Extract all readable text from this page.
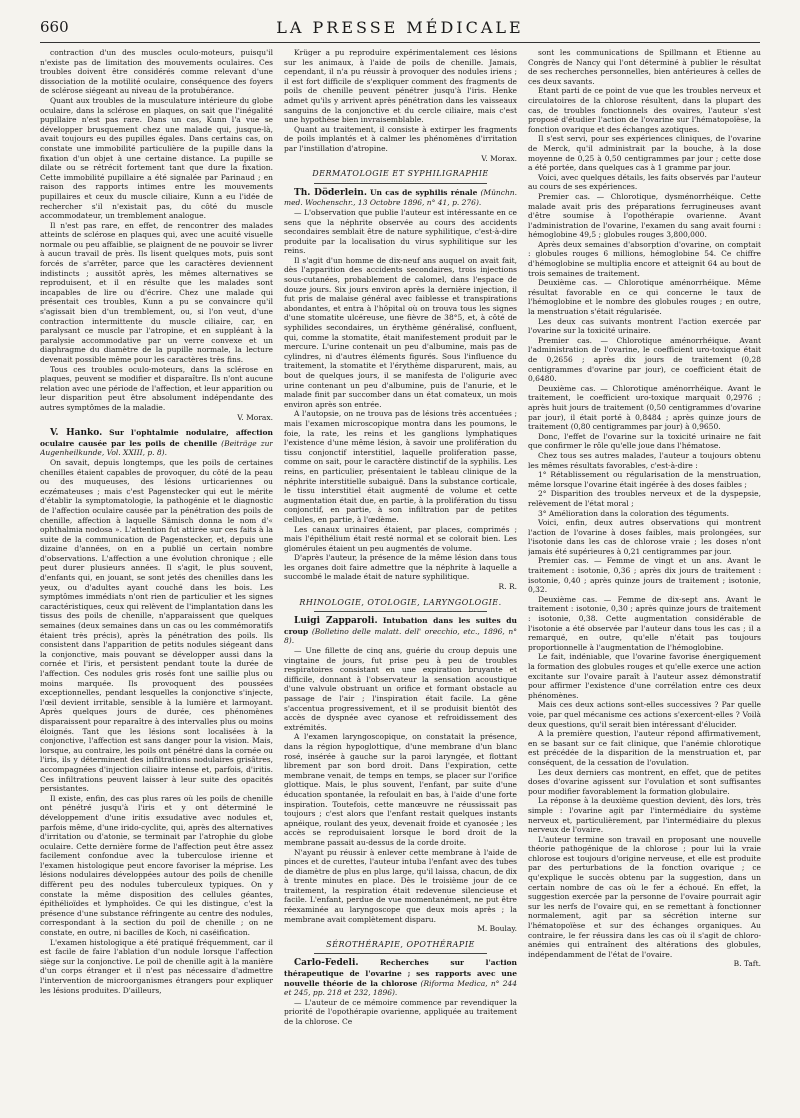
660	LA PRESSE MÉDICALE

contraction d'un des muscles oculo-moteurs, puisqu'il n'existe pas de limitation des mouvements oculaires. Ces troubles doivent être considérés comme relevant d'une dissociation de la motilité oculaire, conséquence des foyers de sclérose siégeant au niveau de la protubérance.

Quant aux troubles de la musculature intérieure du globe oculaire, dans la sclérose en plaques, on sait que l'inégalité pupillaire n'est pas rare. Dans un cas, Kunn l'a vue se développer brusquement chez une malade qui, jusque-là, avait toujours eu des pupilles égales. Dans certains cas, on constate une immobilité particulière de la pupille dans la fixation d'un objet à une certaine distance. La pupille se dilate ou se rétrécit fortement tant que dure la fixation. Cette immobilité pupillaire a été signalée par Parinaud ; en raison des rapports intimes entre les mouvements pupillaires et ceux du muscle ciliaire, Kunn a eu l'idée de rechercher s'il n'existait pas, du côté du muscle accommodateur, un tremblement analogue.

Il n'est pas rare, en effet, de rencontrer des malades atteints de sclérose en plaques qui, avec une acuité visuelle normale ou peu affaiblie, se plaignent de ne pouvoir se livrer à aucun travail de près. Ils lisent quelques mots, puis sont forcés de s'arrêter, parce que les caractères deviennent indistincts ; aussitôt après, les mêmes alternatives se reproduisent, et il en résulte que les malades sont incapables de lire ou d'écrire. Chez une malade qui présentait ces troubles, Kunn a pu se convaincre qu'il s'agissait bien d'un tremblement, ou, si l'on veut, d'une contraction intermittente du muscle ciliaire, car, en paralysant ce muscle par l'atropine, et en suppléant à la paralysie accommodative par un verre convexe et un diaphragme du diamètre de la pupille normale, la lecture devenait possible même pour les caractères très fins.

Tous ces troubles oculo-moteurs, dans la sclérose en plaques, peuvent se modifier et disparaître. Ils n'ont aucune relation avec une période de l'affection, et leur apparition ou leur disparition peut être absolument indépendante des autres symptômes de la maladie.

V. Morax.

V. Hanko. Sur l'ophtalmie nodulaire, affection oculaire causée par les poils de chenille (Beiträge zur Augenheilkunde, Vol. XXIII, p. 8).

On savait, depuis longtemps, que les poils de certaines chenilles étaient capables de provoquer, du côté de la peau ou des muqueuses, des lésions urticariennes ou eczémateuses ; mais c'est Pagenstecker qui eut le mérite d'établir la symptomatologie, la pathogénie et le diagnostic de l'affection oculaire causée par la pénétration des poils de chenille, affection à laquelle Sämisch donna le nom d'« ophthalmia nodosa ». L'attention fut attirée sur ces faits à la suite de la communication de Pagenstecker, et, depuis une dizaine d'années, on en a publié un certain nombre d'observations. L'affection a une évolution chronique ; elle peut durer plusieurs années. Il s'agit, le plus souvent, d'enfants qui, en jouant, se sont jetés des chenilles dans les yeux, ou d'adultes ayant couché dans les bois. Les symptômes immédiats n'ont rien de particulier et les signes caractéristiques, ceux qui relèvent de l'implantation dans les tissus des poils de chenille, n'apparaissent que quelques semaines (deux semaines dans un cas ou les commémoratifs étaient très précis), après la pénétration des poils. Ils consistent dans l'apparition de petits nodules siégeant dans la conjonctive, mais pouvant se développer aussi dans la cornée et l'iris, et persistent pendant toute la durée de l'affection. Ces nodules gris rosés font une saillie plus ou moins marquée. Ils provoquent des poussées exceptionnelles, pendant lesquelles la conjonctive s'injecte, l'œil devient irritable, sensible à la lumière et larmoyant. Après quelques jours de durée, ces phénomènes disparaissent pour reparaître à des intervalles plus ou moins éloignés. Tant que les lésions sont localisées à la conjonctive, l'affection est sans danger pour la vision. Mais, lorsque, au contraire, les poils ont pénétré dans la cornée ou l'iris, ils y déterminent des infiltrations nodulaires grisâtres, accompagnées d'injection ciliaire intense et, parfois, d'iritis. Ces infiltrations peuvent laisser à leur suite des opacités persistantes.

Il existe, enfin, des cas plus rares où les poils de chenille ont pénétré jusqu'à l'iris et y ont déterminé le développement d'une iritis exsudative avec nodules et, parfois même, d'une irido-cyclite, qui, après des alternatives d'irritation ou d'atonie, se terminait par l'atrophie du globe oculaire. Cette dernière forme de l'affection peut être assez facilement confondue avec la tuberculose irienne et l'examen histologique peut encore favoriser la méprise. Les lésions nodulaires développées autour des poils de chenille diffèrent peu des nodules tuberculeux typiques. On y constate la même disposition des cellules géantes, épithélioïdes et lymphoïdes. Ce qui les distingue, c'est la présence d'une substance réfringente au centre des nodules, correspondant à la section du poil de chenille ; on ne constate, en outre, ni bacilles de Koch, ni caséification.

L'examen histologique a été pratiqué fréquemment, car il est facile de faire l'ablation d'un nodule lorsque l'affection siège sur la conjonctive. Le poil de chenille agit à la manière d'un corps étranger et il n'est pas nécessaire d'admettre l'intervention de microorganismes étrangers pour expliquer les lésions produites. D'ailleurs,

Krüger a pu reproduire expérimentalement ces lésions sur les animaux, à l'aide de poils de chenille. Jamais, cependant, il n'a pu réussir à provoquer des nodules iriens ; il est fort difficile de s'expliquer comment des fragments de poils de chenille peuvent pénétrer jusqu'à l'iris. Henke admet qu'ils y arrivent après pénétration dans les vaisseaux sanguins de la conjonctive et du cercle ciliaire, mais c'est une hypothèse bien invraisemblable.

Quant au traitement, il consiste à extirper les fragments de poils implantés et à calmer les phénomènes d'irritation par l'instillation d'atropine.

V. Morax.
DERMATOLOGIE ET SYPHILIGRAPHIE

Th. Döderlein. Un cas de syphilis rénale (Münchn. med. Wochenschr., 13 Octobre 1896, n° 41, p. 276).

— L'observation que publie l'auteur est intéressante en ce sens que la néphrite observée au cours des accidents secondaires semblait être de nature syphilitique, c'est-à-dire produite par la localisation du virus syphilitique sur les reins.

Il s'agit d'un homme de dix-neuf ans auquel on avait fait, dès l'apparition des accidents secondaires, trois injections sous-cutanées, probablement de calomel, dans l'espace de douze jours. Six jours environ après la dernière injection, il fut pris de malaise général avec faiblesse et transpirations abondantes, et entra à l'hôpital où on trouva tous les signes d'une stomatite ulcéreuse, une fièvre de 38°5, et, à côté de syphilides secondaires, un érythème généralisé, confluent, qui, comme la stomatite, était manifestement produit par le mercure. L'urine contenait un peu d'albumine, mais pas de cylindres, ni d'autres éléments figurés. Sous l'influence du traitement, la stomatite et l'érythème disparurent, mais, au bout de quelques jours, il se manifesta de l'oligurie avec urine contenant un peu d'albumine, puis de l'anurie, et le malade finit par succomber dans un état comateux, un mois environ après son entrée.

A l'autopsie, on ne trouva pas de lésions très accentuées ; mais l'examen microscopique montra dans les poumons, le foie, la rate, les reins et les ganglions lymphatiques l'existence d'une même lésion, à savoir une prolifération du tissu conjonctif interstitiel, laquelle proliferation passe, comme on sait, pour le caractère distinctif de la syphilis. Les reins, en particulier, présentaient le tableau clinique de la néphrite interstitielle subaiguë. Dans la substance corticale, le tissu interstitiel était augmenté de volume et cette augmentation était due, en partie, à la prolifération du tissu conjonctif, en partie, à son infiltration par de petites cellules, en partie, à l'œdème.

Les canaux urinaires étaient, par places, comprimés ; mais l'épithélium était resté normal et se colorait bien. Les glomérules étaient un peu augmentés de volume.

D'après l'auteur, la présence de la même lésion dans tous les organes doit faire admettre que la néphrite à laquelle a succombé le malade était de nature syphilitique.

R. R.
RHINOLOGIE, OTOLOGIE, LARYNGOLOGIE.

Luigi Zapparoli. Intubation dans les suites du croup (Bolletino delle malatt. dell' orecchio, etc., 1896, n° 8).

— Une fillette de cinq ans, guérie du croup depuis une vingtaine de jours, fut prise peu à peu de troubles respiratoires consistant en une expiration bruyante et difficile, donnant à l'observateur la sensation acoustique d'une valvule obstruant un orifice et formant obstacle au passage de l'air ; l'inspiration était facile. La gêne s'accentua progressivement, et il se produisit bientôt des accès de dyspnée avec cyanose et refroidissement des extrémités.

A l'examen laryngoscopique, on constatait la présence, dans la région hypoglottique, d'une membrane d'un blanc rosé, insérée à gauche sur la paroi laryngée, et flottant librement par son bord droit. Dans l'expiration, cette membrane venait, de temps en temps, se placer sur l'orifice glottique. Mais, le plus souvent, l'enfant, par suite d'une éducation spontanée, la refoulait en bas, à l'aide d'une forte inspiration. Toutefois, cette manœuvre ne réussissait pas toujours ; c'est alors que l'enfant restait quelques instants apnéique, roulant des yeux, devenait froide et cyanosée ; les accès se reproduisaient lorsque le bord droit de la membrane passait au-dessus de la corde droite.

N'ayant pu réussir à enlever cette membrane à l'aide de pinces et de curettes, l'auteur intuba l'enfant avec des tubes de diamètre de plus en plus large, qu'il laissa, chacun, de dix à trente minutes en place. Dès le troisième jour de ce traitement, la respiration était redevenue silencieuse et facile. L'enfant, perdue de vue momentanément, ne put être réexaminée au laryngoscope que deux mois après ; la membrane avait complètement disparu.

M. Boulay.
SÉROTHÉRAPIE, OPOTHÉRAPIE

Carlo-Fedeli.	Recherches sur l'action thérapeutique de l'ovarine ; ses rapports avec une nouvelle théorie de la chlorose (Riforma Medica, n° 244 et 245, pp. 218 et 232, 1896).

— L'auteur de ce mémoire commence par revendiquer la priorité de l'opothérapie ovarienne, appliquée au traitement de la chlorose. Ce

sont les communications de Spillmann et Etienne au Congrès de Nancy qui l'ont déterminé à publier le résultat de ses recherches personnelles, bien antérieures à celles de ces deux savants.

Etant parti de ce point de vue que les troubles nerveux et circulatoires de la chlorose résultent, dans la plupart des cas, de troubles fonctionnels des ovaires, l'auteur s'est proposé d'étudier l'action de l'ovarine sur l'hématopoïèse, la fonction ovarique et des échanges azotiques.

Il s'est servi, pour ses expériences cliniques, de l'ovarine de Merck, qu'il administrait par la bouche, à la dose moyenne de 0,25 à 0,50 centigrammes par jour ; cette dose a été portée, dans quelques cas à 1 gramme par jour.

Voici, avec quelques détails, les faits observés par l'auteur au cours de ses expériences.

Premier cas. — Chlorotique, dysménorrhéique. Cette malade avait pris des préparations ferrugineuses avant d'être soumise à l'opothérapie ovarienne. Avant l'administration de l'ovarine, l'examen du sang avait fourni : hémoglobine 49,5 ; globules rouges 3,800,000.

Après deux semaines d'absorption d'ovarine, on comptait : globules rouges 6 millions, hémoglobine 54. Ce chiffre d'hémoglobine se multiplia encore et atteignit 64 au bout de trois semaines de traitement.

Deuxième cas. — Chlorotique aménorrhéique. Même résultat favorable en ce qui concerne le taux de l'hémoglobine et le nombre des globules rouges ; en outre, la menstruation s'était régularisée.

Les deux cas suivants montrent l'action exercée par l'ovarine sur la toxicité urinaire.

Premier cas. — Chlorotique aménorrhéique. Avant l'administration de l'ovarine, le coefficient uro-toxique était de 0,2656 ; après dix jours de traitement (0,28 centigrammes d'ovarine par jour), ce coefficient était de 0,6480.

Deuxième cas. — Chlorotique aménorrhéique. Avant le traitement, le coefficient uro-toxique marquait 0,2976 ; après huit jours de traitement (0,50 centigrammes d'ovarine par jour), il était porté à 0,8484 ; après quinze jours de traitement (0,80 centigrammes par jour) à 0,9650.

Donc, l'effet de l'ovarine sur la toxicité urinaire ne fait que confirmer le rôle qu'elle joue dans l'hématose.

Chez tous ses autres malades, l'auteur a toujours obtenu les mêmes résultats favorables, c'est-à-dire :

1° Rétablissement ou régularisation de la menstruation, même lorsque l'ovarine était ingérée à des doses faibles ;

2° Disparition des troubles nerveux et de la dyspepsie, relèvement de l'état moral ;

3° Amélioration dans la coloration des téguments.

Voici, enfin, deux autres observations qui montrent l'action de l'ovarine à doses faibles, mais prolongées, sur l'isotonie dans les cas de chlorose vraie ; les doses n'ont jamais été supérieures à 0,21 centigrammes par jour.

Premier cas. — Femme de vingt et un ans. Avant le traitement : isotonie, 0,36 ; après dix jours de traitement : isotonie, 0,40 ; après quinze jours de traitement ; isotonie, 0,32.

Deuxième cas. — Femme de dix-sept ans. Avant le traitement : isotonie, 0,30 ; après quinze jours de traitement : isotonie, 0,38. Cette augmentation considérable de l'isotonie a été observée par l'auteur dans tous les cas ; il a remarqué, en outre, qu'elle n'était pas toujours proportionnelle à l'augmentation de l'hémoglobine.

Le fait, indéniable, que l'ovarine favorise énergiquement la formation des globules rouges et qu'elle exerce une action excitante sur l'ovaire paraît à l'auteur assez démonstratif pour affirmer l'existence d'une corrélation entre ces deux phénomènes.

Mais ces deux actions sont-elles successives ? Par quelle voie, par quel mécanisme ces actions s'exercent-elles ? Voilà deux questions, qu'il serait bien intéressant d'élucider.

A la première question, l'auteur répond affirmativement, en se basant sur ce fait clinique, que l'anémie chlorotique est précédée de la disparition de la menstruation et, par conséquent, de la cessation de l'ovulation.

Les deux derniers cas montrent, en effet, que de petites doses d'ovarine agissent sur l'ovulation et sont suffisantes pour modifier favorablement la formation globulaire.

La réponse à la deuxième question devient, dès lors, très simple : l'ovarine agit par l'intermédiaire du système nerveux et, particulièrement, par l'intermédiaire du plexus nerveux de l'ovaire.

L'auteur termine son travail en proposant une nouvelle théorie pathogénique de la chlorose ; pour lui la vraie chlorose est toujours d'origine nerveuse, et elle est produite par des perturbations de la fonction ovarique ; ce qu'explique le succès obtenu par la suggestion, dans un certain nombre de cas où le fer a échoué. En effet, la suggestion exercée par la personne de l'ovaire pourrait agir sur les nerfs de l'ovaire qui, en se remettant à fonctionner normalement, agit par sa sécrétion interne sur l'hématopoïèse et sur des échanges organiques. Au contraire, le fer réussira dans les cas où il s'agit de chloro-anémies qui entraînent des altérations des globules, indépendamment de l'état de l'ovaire.

B. Taft.
